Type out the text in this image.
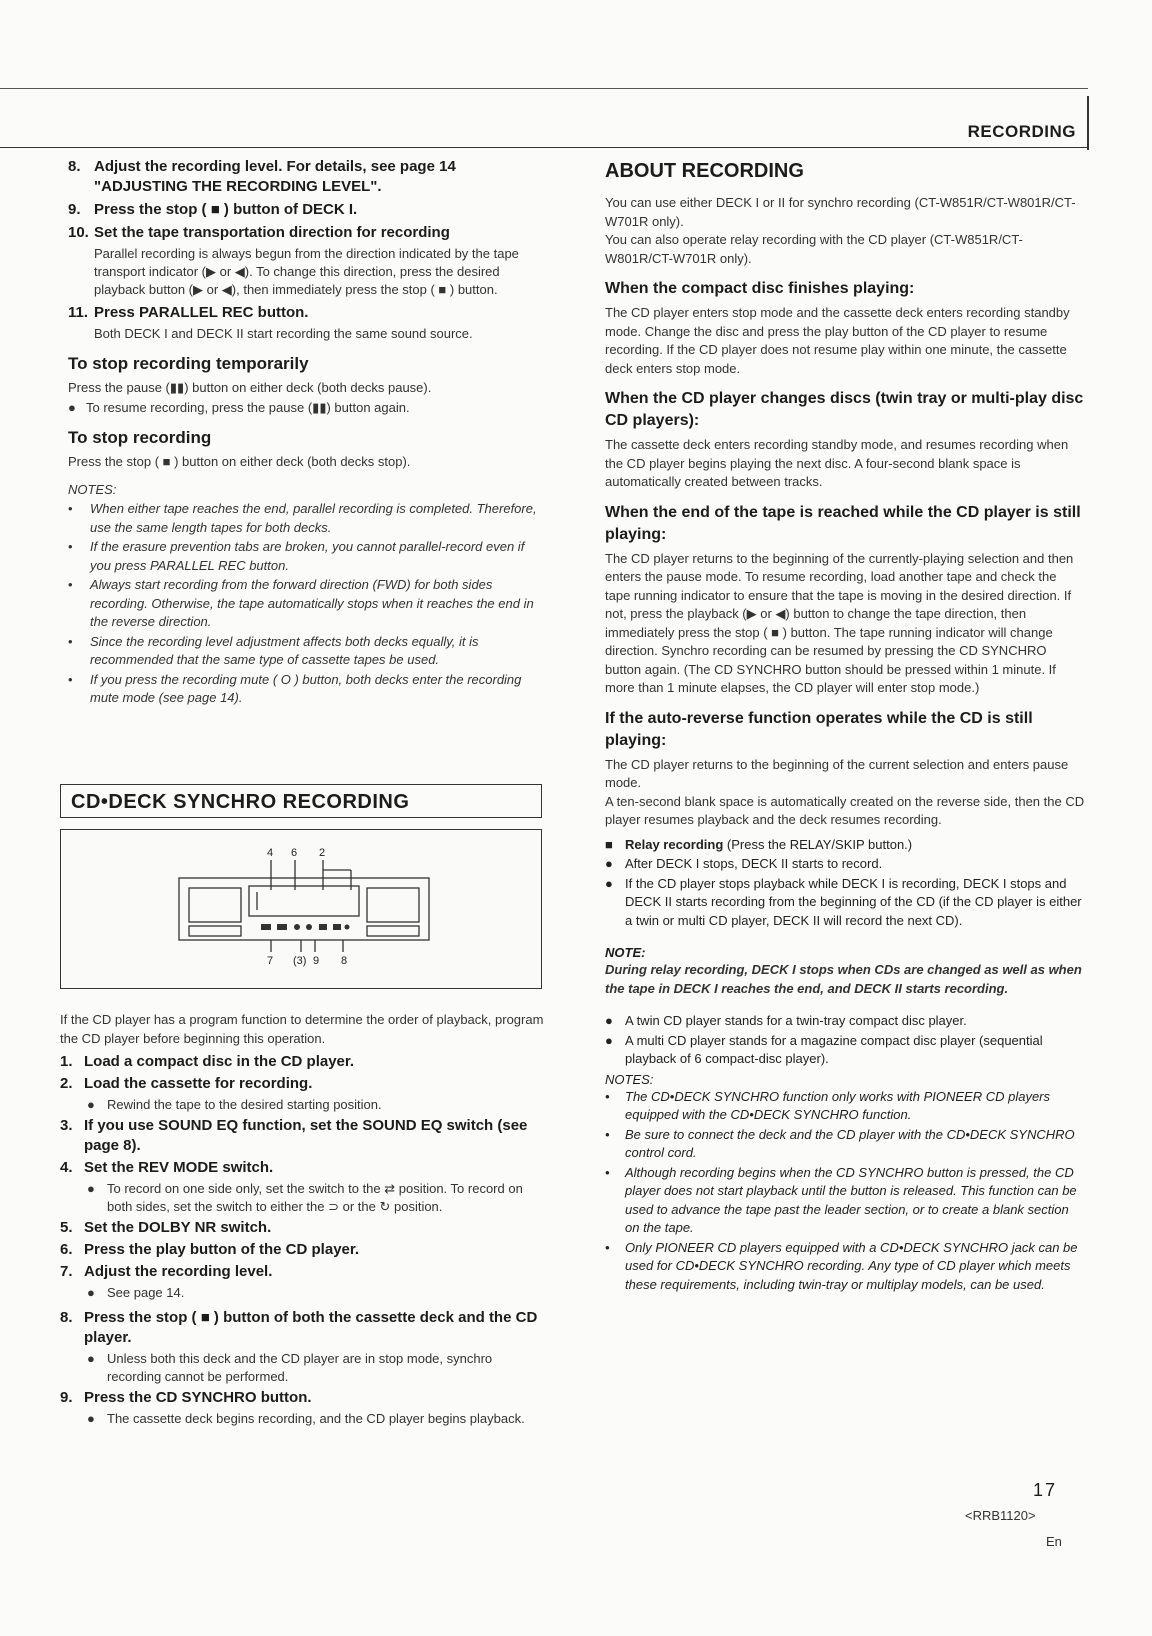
RECORDING
8. Adjust the recording level. For details, see page 14 "ADJUSTING THE RECORDING LEVEL".
9. Press the stop ( ■ ) button of DECK I.
10. Set the tape transportation direction for recording
Parallel recording is always begun from the direction indicated by the tape transport indicator (▶ or ◀). To change this direction, press the desired playback button (▶ or ◀), then immediately press the stop ( ■ ) button.
11. Press PARALLEL REC button.
Both DECK I and DECK II start recording the same sound source.
To stop recording temporarily
Press the pause (▮▮) button on either deck (both decks pause).
● To resume recording, press the pause (▮▮) button again.
To stop recording
Press the stop ( ■ ) button on either deck (both decks stop).
NOTES:
•	When either tape reaches the end, parallel recording is completed. Therefore, use the same length tapes for both decks.
•	If the erasure prevention tabs are broken, you cannot parallel-record even if you press PARALLEL REC button.
•	Always start recording from the forward direction (FWD) for both sides recording. Otherwise, the tape automatically stops when it reaches the end in the reverse direction.
•	Since the recording level adjustment affects both decks equally, it is recommended that the same type of cassette tapes be used.
•	If you press the recording mute ( O ) button, both decks enter the recording mute mode (see page 14).
CD•DECK SYNCHRO RECORDING
4 6 2
7 (3) 9 8
If the CD player has a program function to determine the order of playback, program the CD player before beginning this operation.
1. Load a compact disc in the CD player.
2. Load the cassette for recording.
● Rewind the tape to the desired starting position.
3. If you use SOUND EQ function, set the SOUND EQ switch (see page 8).
4. Set the REV MODE switch.
● To record on one side only, set the switch to the ⇄ position. To record on both sides, set the switch to either the ⊃ or the ↻ position.
5. Set the DOLBY NR switch.
6. Press the play button of the CD player.
7. Adjust the recording level.
● See page 14.
8. Press the stop ( ■ ) button of both the cassette deck and the CD player.
● Unless both this deck and the CD player are in stop mode, synchro recording cannot be performed.
9. Press the CD SYNCHRO button.
● The cassette deck begins recording, and the CD player begins playback.
ABOUT RECORDING
You can use either DECK I or II for synchro recording (CT-W851R/CT-W801R/CT-W701R only).
You can also operate relay recording with the CD player (CT-W851R/CT-W801R/CT-W701R only).
When the compact disc finishes playing:
The CD player enters stop mode and the cassette deck enters recording standby mode. Change the disc and press the play button of the CD player to resume recording. If the CD player does not resume play within one minute, the cassette deck enters stop mode.
When the CD player changes discs (twin tray or multi-play disc CD players):
The cassette deck enters recording standby mode, and resumes recording when the CD player begins playing the next disc. A four-second blank space is automatically created between tracks.
When the end of the tape is reached while the CD player is still playing:
The CD player returns to the beginning of the currently-playing selection and then enters the pause mode. To resume recording, load another tape and check the tape running indicator to ensure that the tape is moving in the desired direction. If not, press the playback (▶ or ◀) button to change the tape direction, then immediately press the stop ( ■ ) button. The tape running indicator will change direction. Synchro recording can be resumed by pressing the CD SYNCHRO button again. (The CD SYNCHRO button should be pressed within 1 minute. If more than 1 minute elapses, the CD player will enter stop mode.)
If the auto-reverse function operates while the CD is still playing:
The CD player returns to the beginning of the current selection and enters pause mode.
A ten-second blank space is automatically created on the reverse side, then the CD player resumes playback and the deck resumes recording.
■ Relay recording (Press the RELAY/SKIP button.)
● After DECK I stops, DECK II starts to record.
● If the CD player stops playback while DECK I is recording, DECK I stops and DECK II starts recording from the beginning of the CD (if the CD player is either a twin or multi CD player, DECK II will record the next CD).
NOTE:
During relay recording, DECK I stops when CDs are changed as well as when the tape in DECK I reaches the end, and DECK II starts recording.
● A twin CD player stands for a twin-tray compact disc player.
● A multi CD player stands for a magazine compact disc player (sequential playback of 6 compact-disc player).
NOTES:
•	The CD•DECK SYNCHRO function only works with PIONEER CD players equipped with the CD•DECK SYNCHRO function.
•	Be sure to connect the deck and the CD player with the CD•DECK SYNCHRO control cord.
•	Although recording begins when the CD SYNCHRO button is pressed, the CD player does not start playback until the button is released. This function can be used to advance the tape past the leader section, or to create a blank section on the tape.
•	Only PIONEER CD players equipped with a CD•DECK SYNCHRO jack can be used for CD•DECK SYNCHRO recording. Any type of CD player which meets these requirements, including twin-tray or multiplay models, can be used.
17
<RRB1120>
En
